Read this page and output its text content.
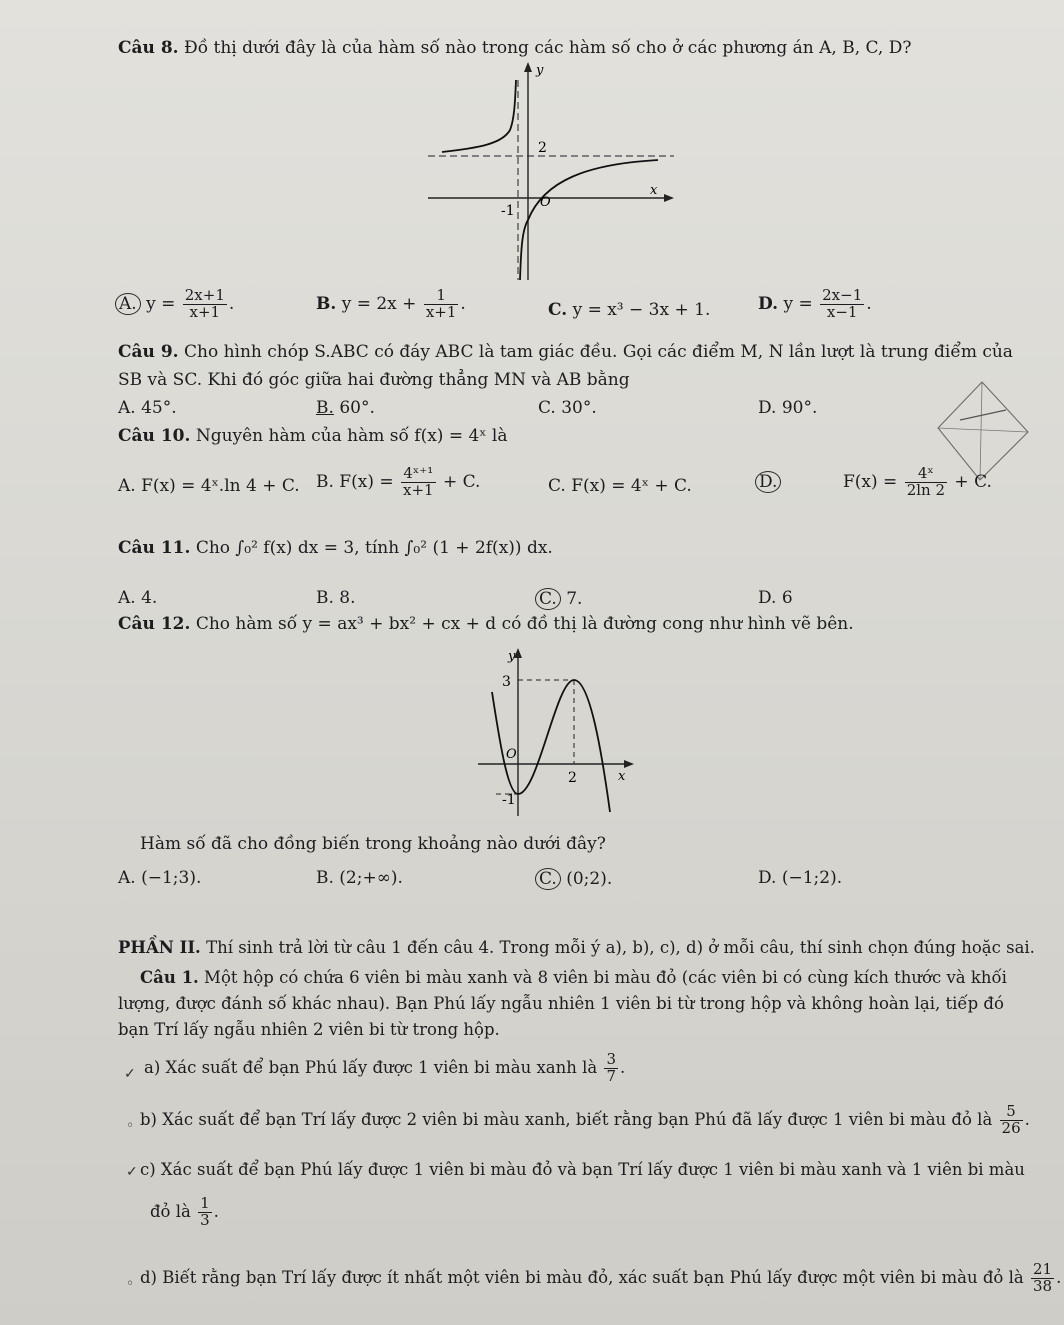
Câu 8. Đồ thị dưới đây là của hàm số nào trong các hàm số cho ở các phương án A, B, C, D?
y
x
2
-1
O
A. $y = \frac{2x+1}{x+1}$ .	B. $y = 2x + \frac{1}{x+1}$ .	C. y = x³ − 3x + 1.	D. $y = \frac{2x-1}{x-1}$ .
Câu 9. Cho hình chóp S.ABC có đáy ABC là tam giác đều. Gọi các điểm M, N lần lượt là trung điểm của
SB và SC. Khi đó góc giữa hai đường thẳng MN và AB bằng
A. 45°.	B. 60°.	C. 30°.	D. 90°.
Câu 10. Nguyên hàm của hàm số f(x) = 4ˣ là
A. F(x) = 4ˣ.ln 4 + C. B. $F(x) = \frac{\text{4ˣ⁺¹}}{x+1} + C$.	C. F(x) = 4ˣ + C.	D.	$F(x) = \frac{\text{4ˣ}}{2\ln 2} + C$.
Câu 11. Cho ∫₀² f(x) dx = 3, tính ∫₀² (1 + 2f(x)) dx.
A. 4.	B. 8.	C. 7.	D. 6
Câu 12. Cho hàm số y = ax³ + bx² + cx + d có đồ thị là đường cong như hình vẽ bên.
y
x
3
2
-1
O
Hàm số đã cho đồng biến trong khoảng nào dưới đây?
A. (−1;3).	B. (2;+∞).	C. (0;2).	D. (−1;2).
PHẦN II. Thí sinh trả lời từ câu 1 đến câu 4. Trong mỗi ý a), b), c), d) ở mỗi câu, thí sinh chọn đúng hoặc sai.
Câu 1. Một hộp có chứa 6 viên bi màu xanh và 8 viên bi màu đỏ (các viên bi có cùng kích thước và khối
lượng, được đánh số khác nhau). Bạn Phú lấy ngẫu nhiên 1 viên bi từ trong hộp và không hoàn lại, tiếp đó
bạn Trí lấy ngẫu nhiên 2 viên bi từ trong hộp.
✓ a) Xác suất để bạn Phú lấy được 1 viên bi màu xanh là $\frac{3}{7}$ .
◦ b) Xác suất để bạn Trí lấy được 2 viên bi màu xanh, biết rằng bạn Phú đã lấy được 1 viên bi màu đỏ là $\frac{5}{26}$ .
✓ c) Xác suất để bạn Phú lấy được 1 viên bi màu đỏ và bạn Trí lấy được 1 viên bi màu xanh và 1 viên bi màu
đỏ là $\frac{1}{3}$ .
◦ d) Biết rằng bạn Trí lấy được ít nhất một viên bi màu đỏ, xác suất bạn Phú lấy được một viên bi màu đỏ là $\frac{21}{38}$ .
